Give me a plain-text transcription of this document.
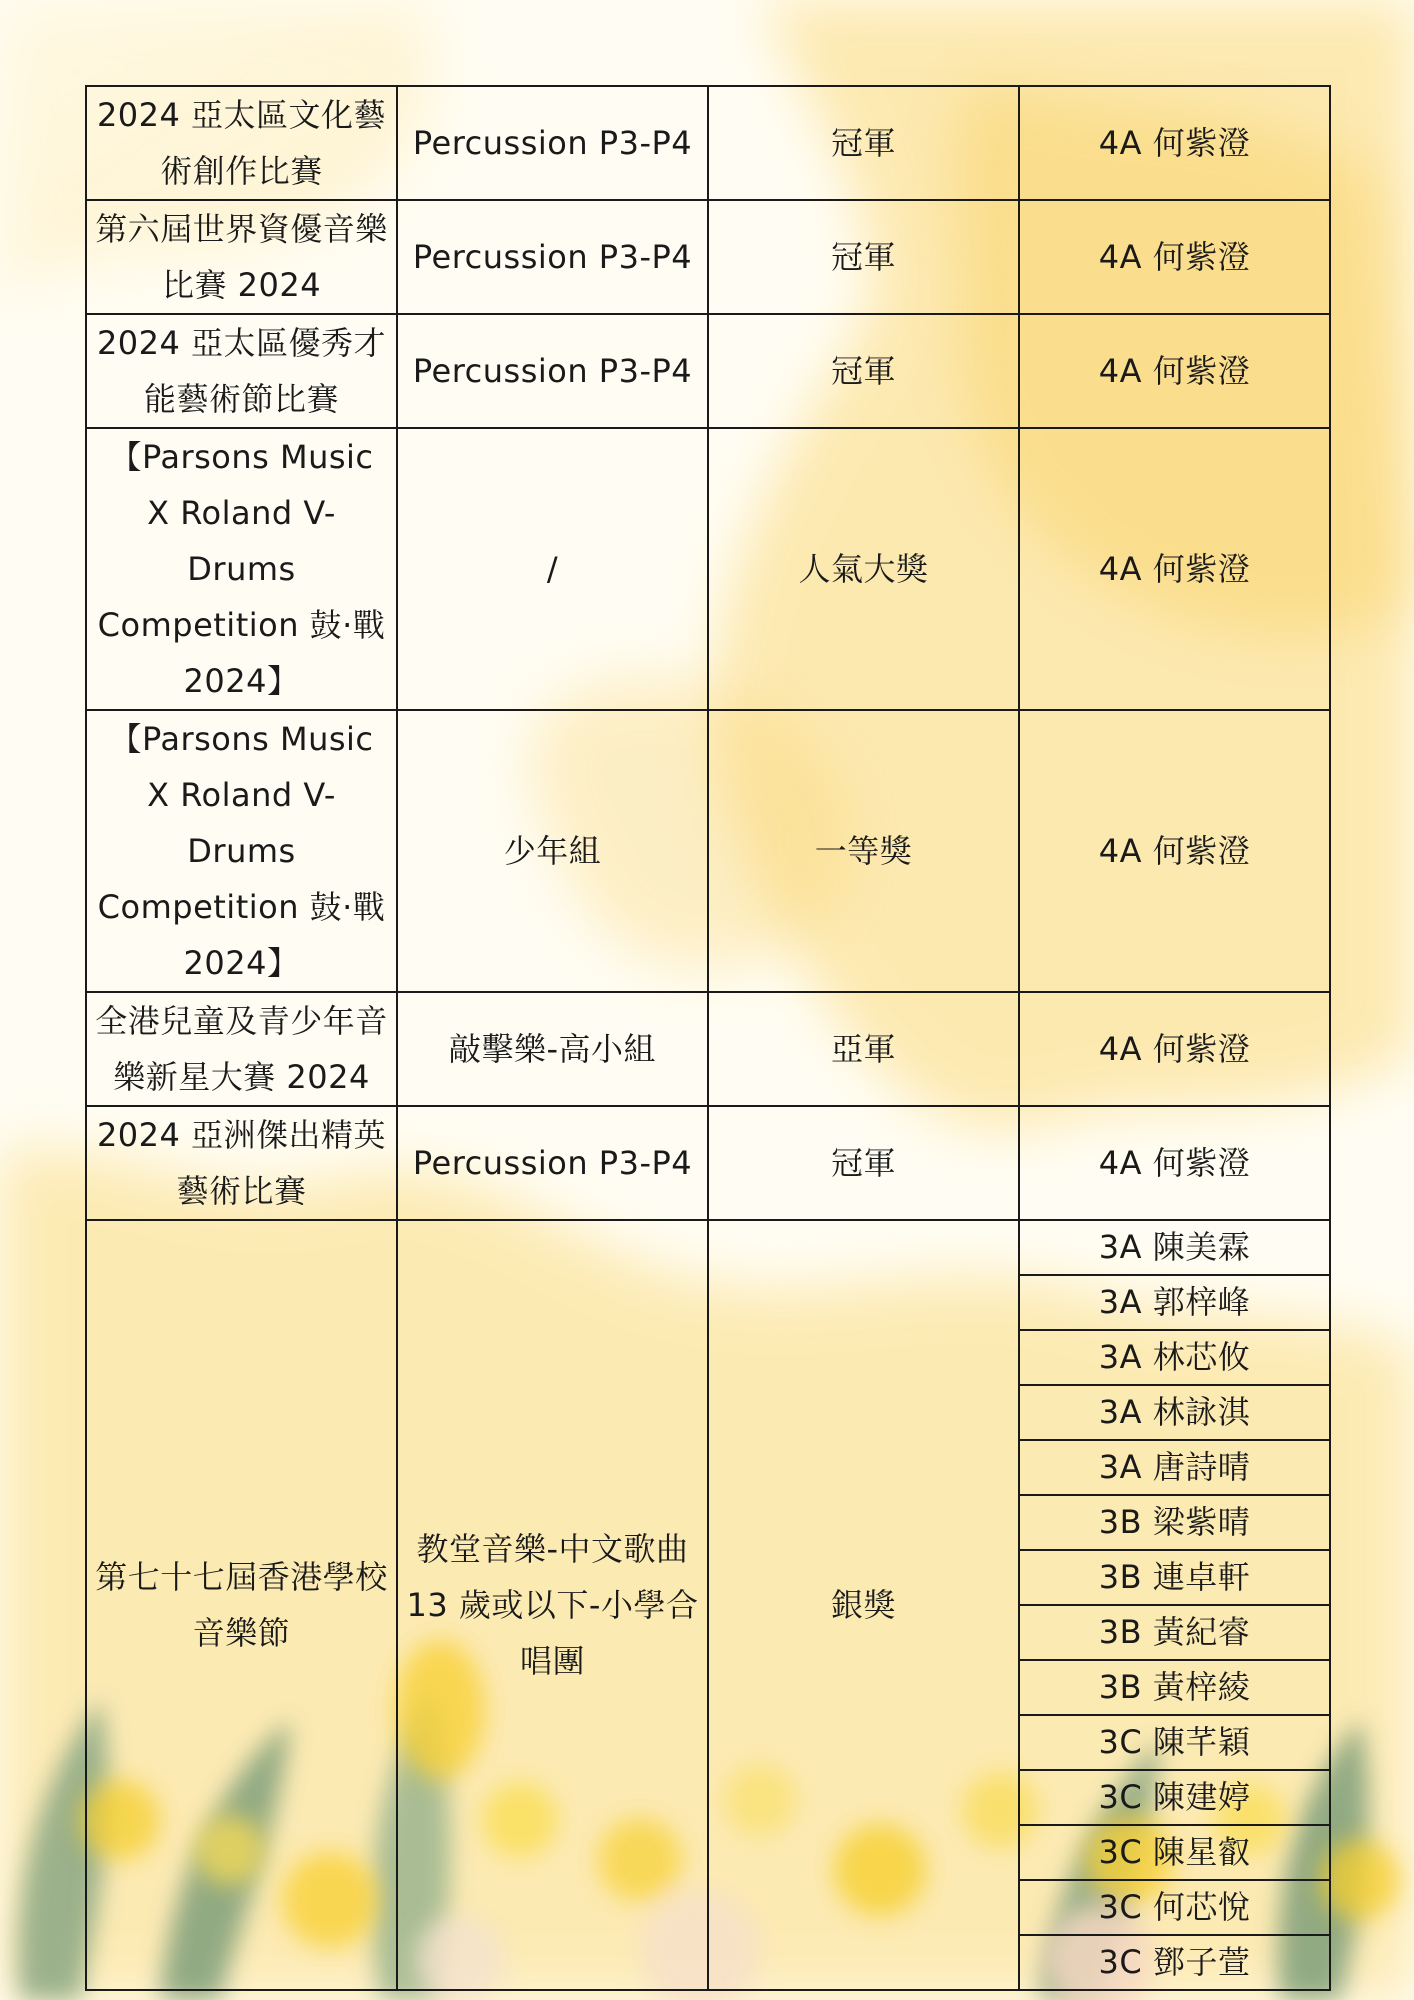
2024 亞太區文化藝術創作比賽	Percussion P3-P4	冠軍	4A 何紫澄
第六屆世界資優音樂比賽 2024	Percussion P3-P4	冠軍	4A 何紫澄
2024 亞太區優秀才能藝術節比賽	Percussion P3-P4	冠軍	4A 何紫澄
【Parsons Music X Roland V-Drums Competition 鼓·戰 2024】	/	人氣大獎	4A 何紫澄
【Parsons Music X Roland V-Drums Competition 鼓·戰 2024】	少年組	一等獎	4A 何紫澄
全港兒童及青少年音樂新星大賽 2024	敲擊樂-高小組	亞軍	4A 何紫澄
2024 亞洲傑出精英藝術比賽	Percussion P3-P4	冠軍	4A 何紫澄
第七十七屆香港學校音樂節	教堂音樂-中文歌曲 13 歲或以下-小學合唱團	銀獎	3A 陳美霖

			3A 郭梓峰

			3A 林芯攸

			3A 林詠淇

			3A 唐詩晴

			3B 梁紫晴

			3B 連卓軒

			3B 黃紀睿

			3B 黃梓綾

			3C 陳芊穎

			3C 陳建婷

			3C 陳星叡

			3C 何芯悅

			3C 鄧子萱
